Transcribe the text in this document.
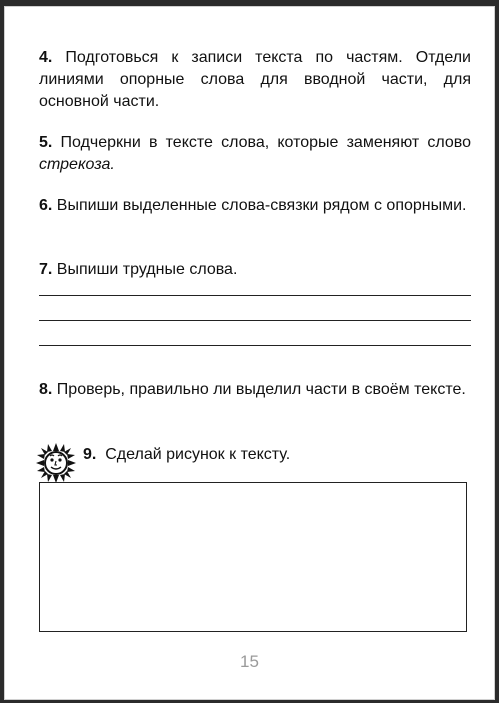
4. Подготовься к записи текста по частям. Отдели линиями опорные слова для вводной части, для основной части.
5. Подчеркни в тексте слова, которые заменяют слово стрекоза.
6. Выпиши выделенные слова-связки рядом с опорными.
7. Выпиши трудные слова.
8. Проверь, правильно ли выделил части в своём тексте.
9. Сделай рисунок к тексту.
15
